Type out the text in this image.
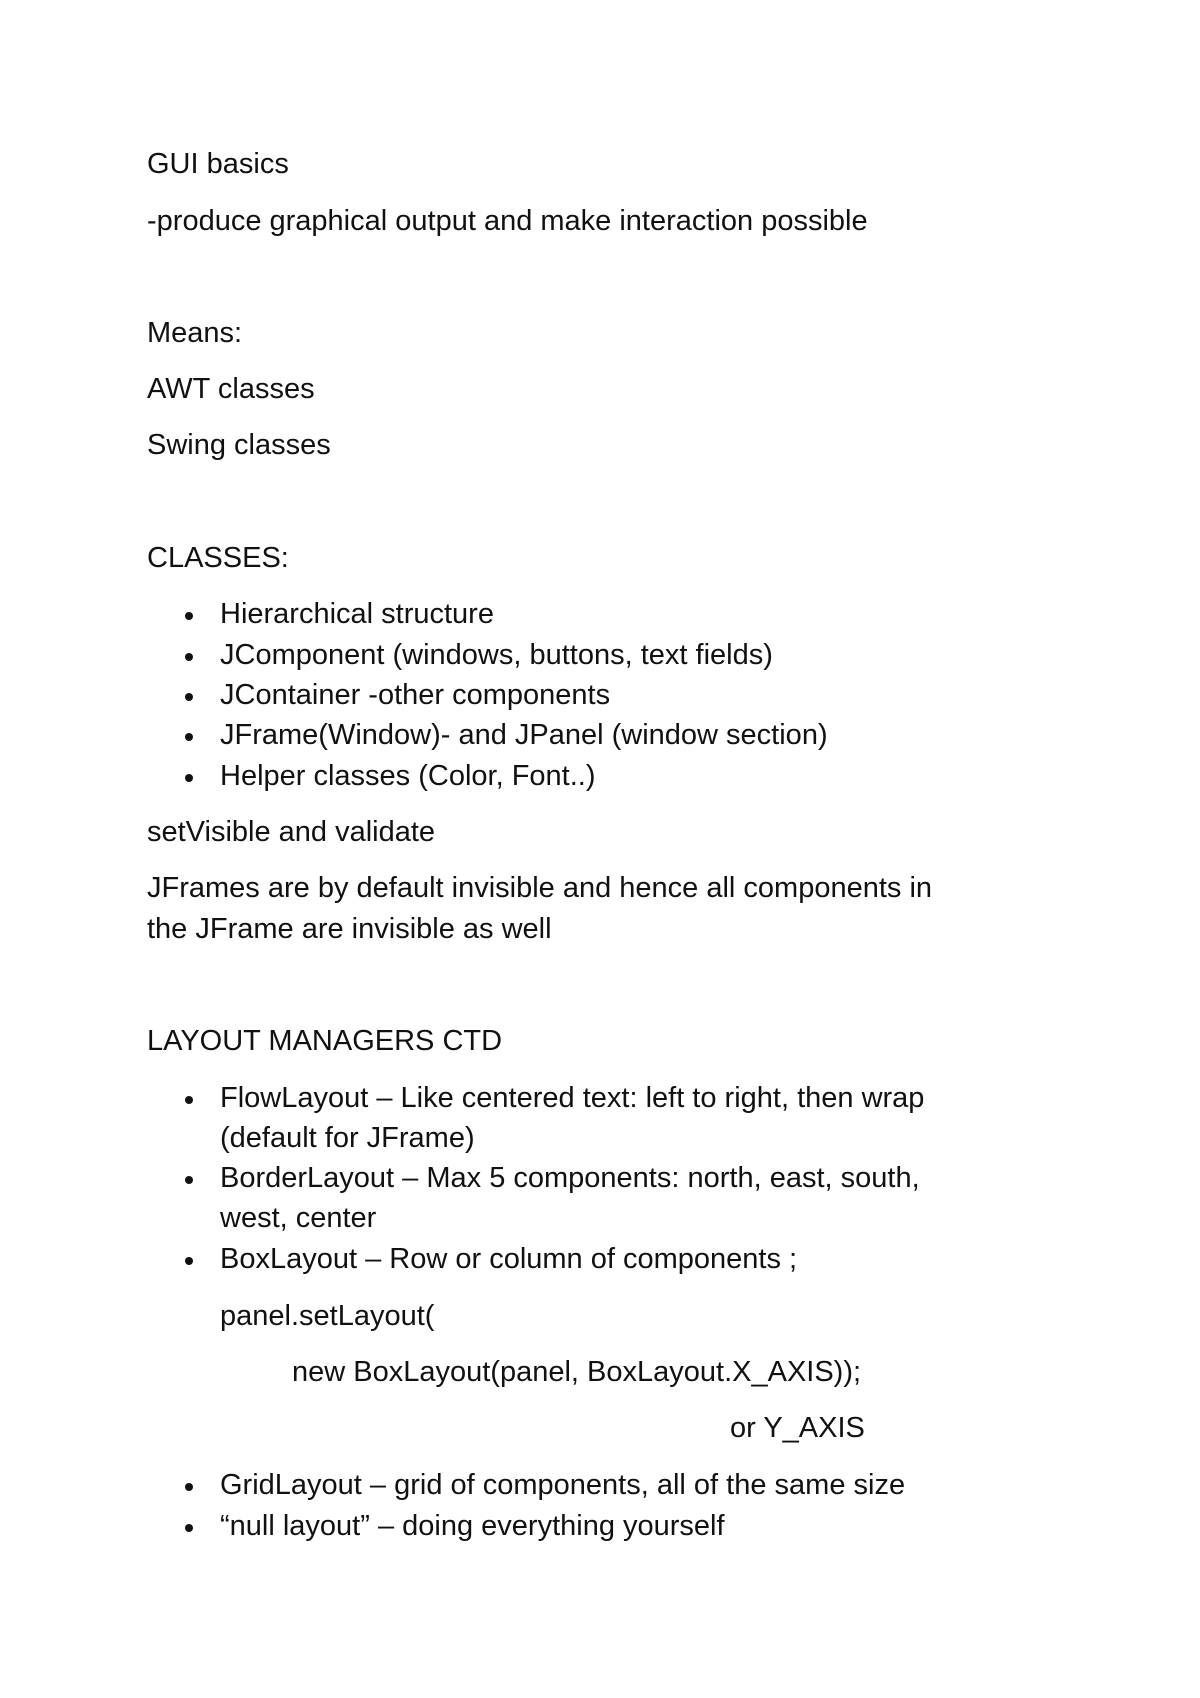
GUI basics
-produce graphical output and make interaction possible
Means:
AWT classes
Swing classes
CLASSES:
Hierarchical structure
JComponent (windows, buttons, text fields)
JContainer -other components
JFrame(Window)- and JPanel (window section)
Helper classes (Color, Font..)
setVisible and validate
JFrames are by default invisible and hence all components in
the JFrame are invisible as well
LAYOUT MANAGERS CTD
FlowLayout – Like centered text: left to right, then wrap
(default for JFrame)
BorderLayout – Max 5 components: north, east, south,
west, center
BoxLayout – Row or column of components ;
panel.setLayout(
new BoxLayout(panel, BoxLayout.X_AXIS));
or Y_AXIS
GridLayout – grid of components, all of the same size
“null layout” – doing everything yourself
